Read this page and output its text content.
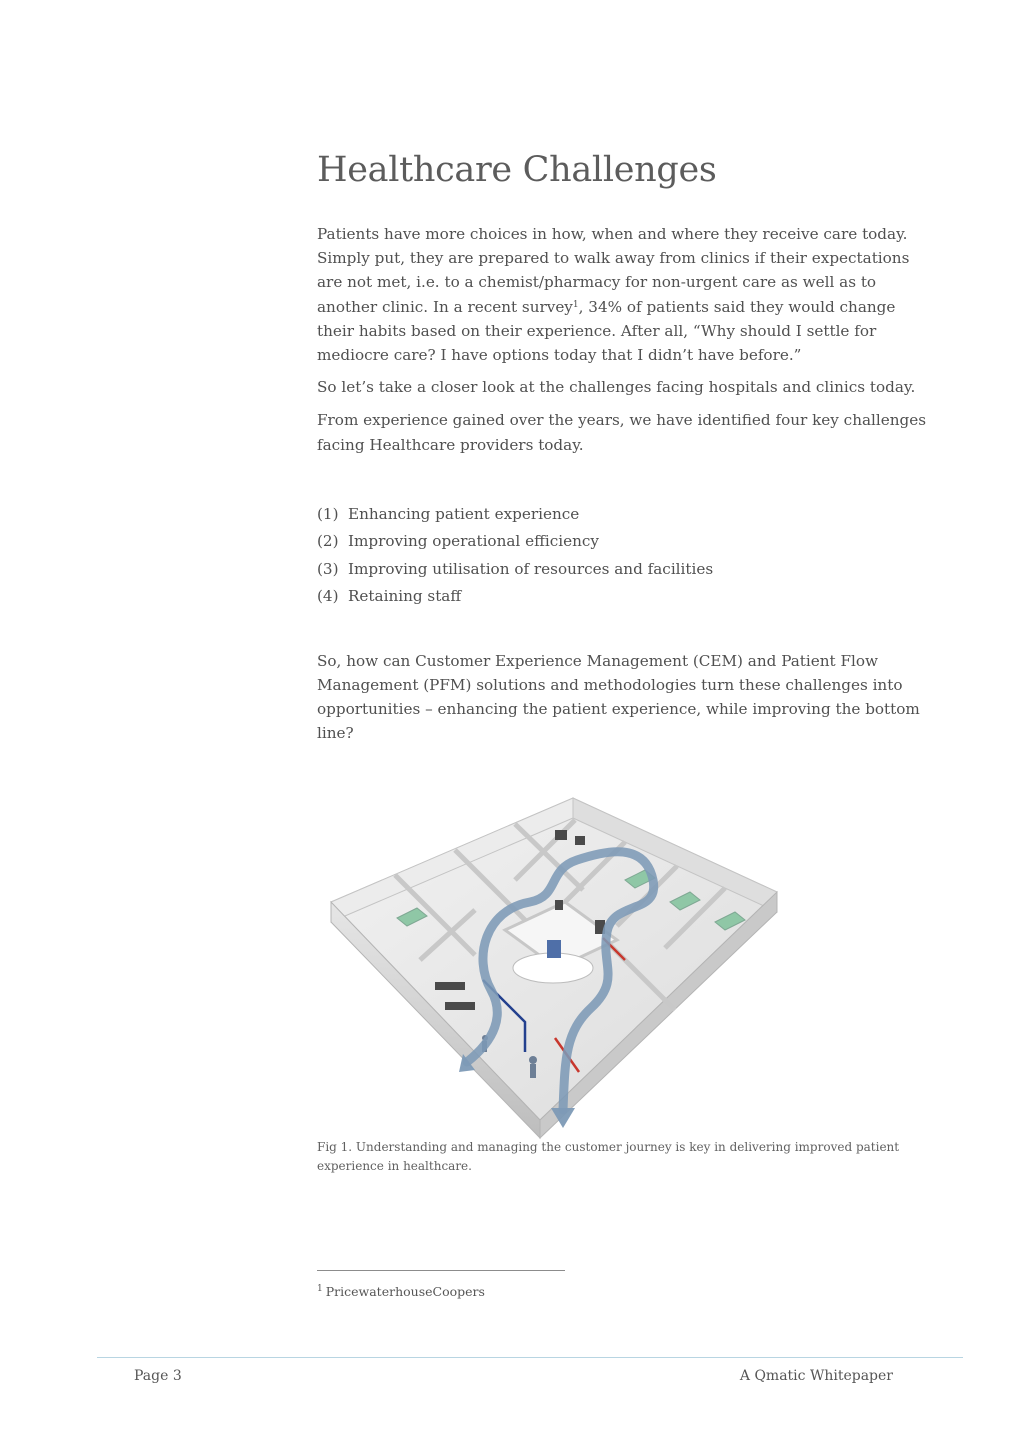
Healthcare Challenges

Patients have more choices in how, when and where they receive care today. Simply put, they are prepared to walk away from clinics if their expectations are not met, i.e. to a chemist/pharmacy for non-urgent care as well as to another clinic. In a recent survey$^1$, 34% of patients said they would change their habits based on their experience. After all, “Why should I settle for mediocre care? I have options today that I didn’t have before.”

So let’s take a closer look at the challenges facing hospitals and clinics today.

From experience gained over the years, we have identified four key challenges facing Healthcare providers today.

(1) Enhancing patient experience
(2) Improving operational efficiency
(3) Improving utilisation of resources and facilities
(4) Retaining staff

So, how can Customer Experience Management (CEM) and Patient Flow Management (PFM) solutions and methodologies turn these challenges into opportunities – enhancing the patient experience, while improving the bottom line?

Fig 1. Understanding and managing the customer journey is key in delivering improved patient experience in healthcare.
$^1$ PricewaterhouseCoopers
Page 3	A Qmatic Whitepaper
